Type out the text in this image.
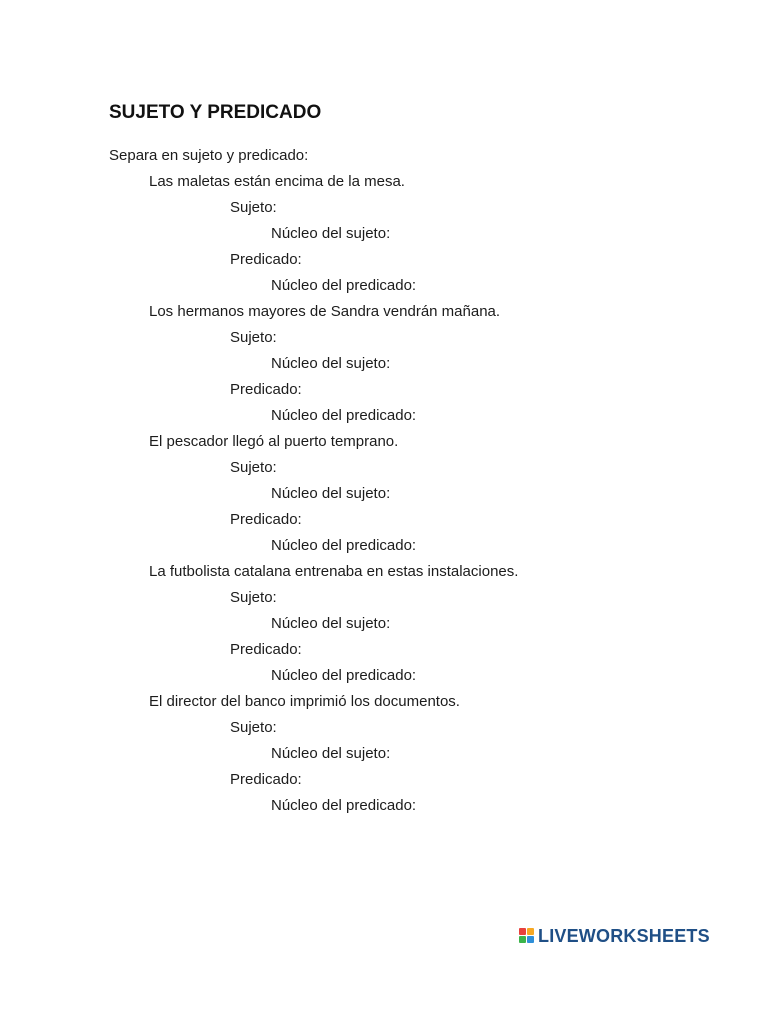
SUJETO Y PREDICADO
Separa en sujeto y predicado:
Las maletas están encima de la mesa.
Sujeto:
Núcleo del sujeto:
Predicado:
Núcleo del predicado:
Los hermanos mayores de Sandra vendrán mañana.
Sujeto:
Núcleo del sujeto:
Predicado:
Núcleo del predicado:
El pescador llegó al puerto temprano.
Sujeto:
Núcleo del sujeto:
Predicado:
Núcleo del predicado:
La futbolista catalana entrenaba en estas instalaciones.
Sujeto:
Núcleo del sujeto:
Predicado:
Núcleo del predicado:
El director del banco imprimió los documentos.
Sujeto:
Núcleo del sujeto:
Predicado:
Núcleo del predicado:
LIVEWORKSHEETS
